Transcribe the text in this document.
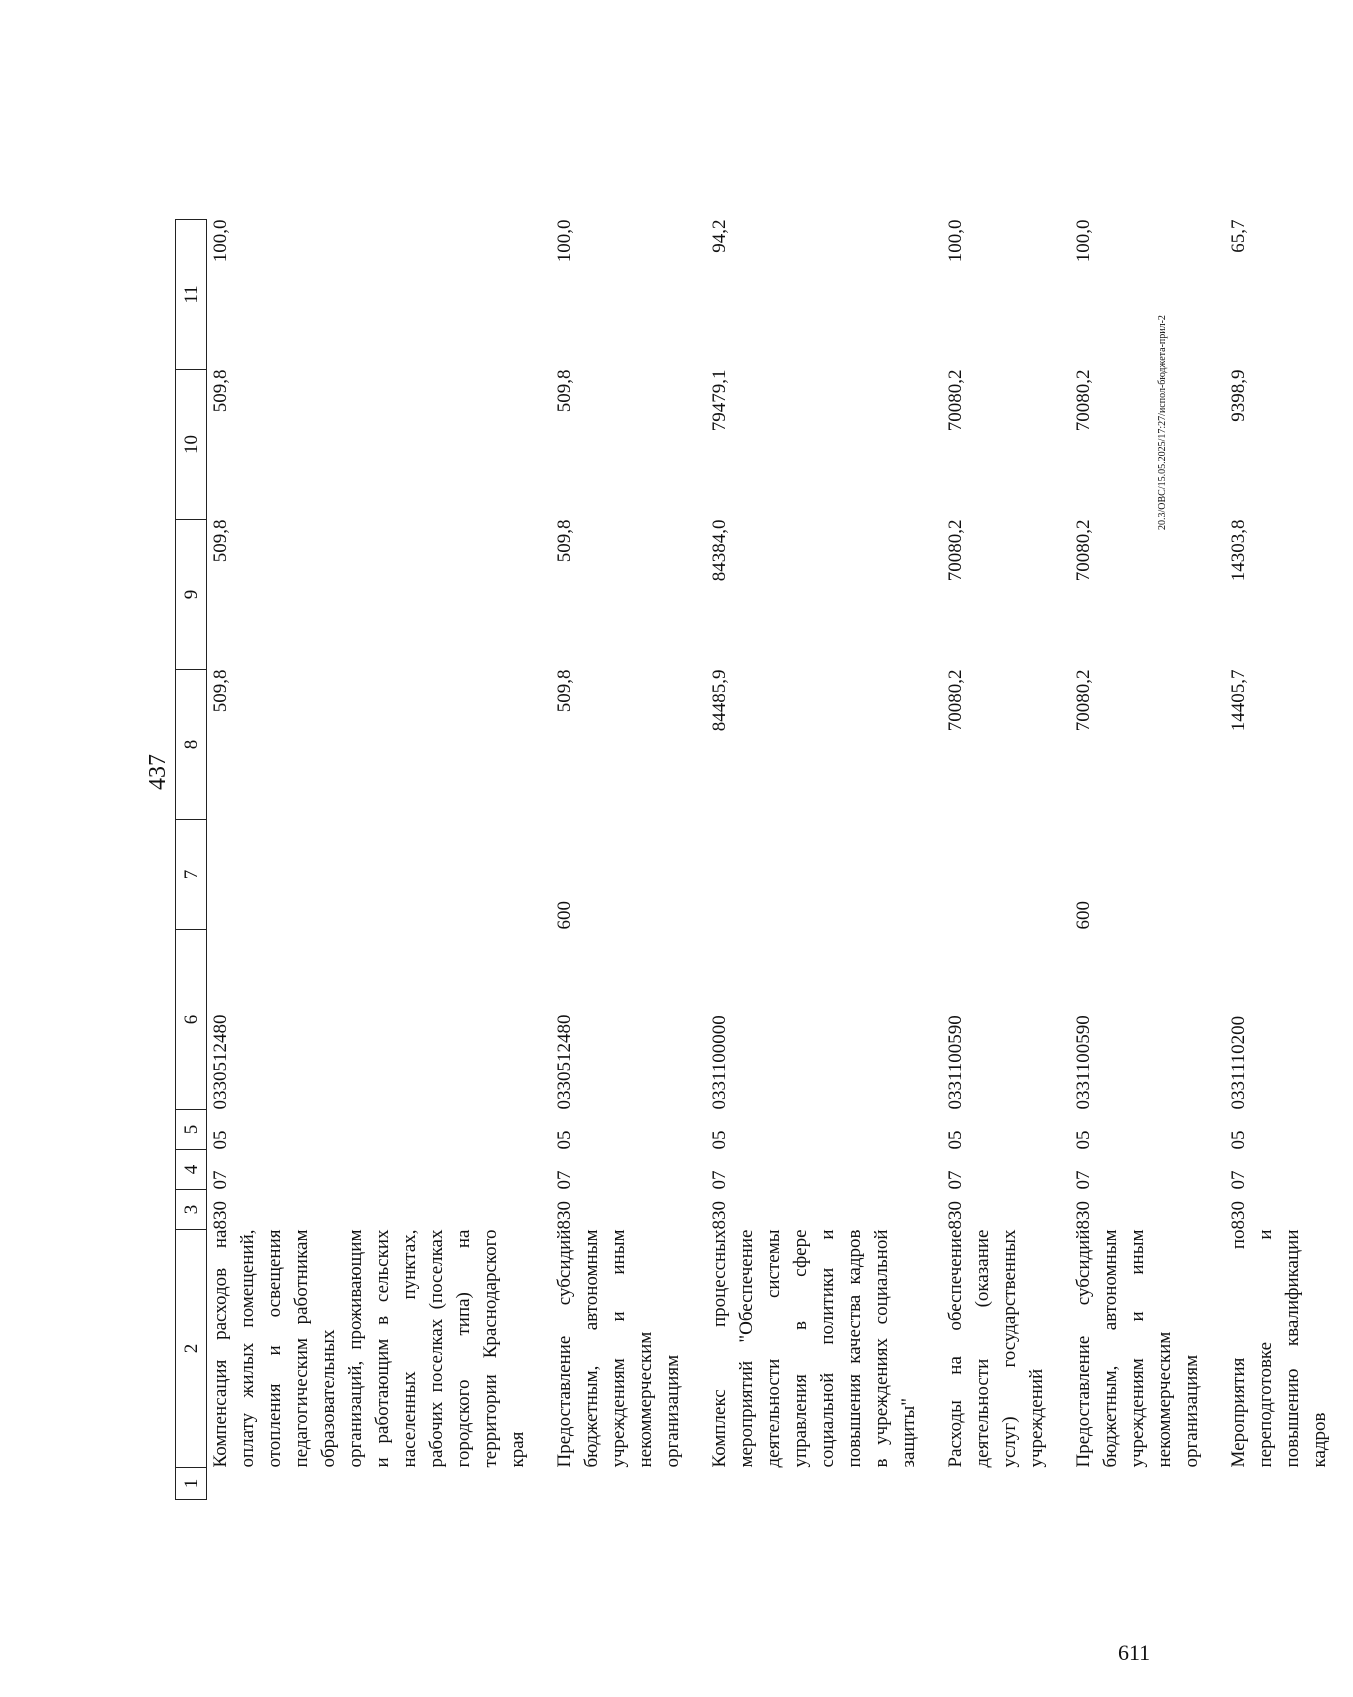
611
437
1	2	3	4	5	6	7	8	9	10	11
	Компенсация расходов на оплату жилых помещений, отопления и освещения педагогическим работникам образовательных организаций, проживающим и работающим в сельских населенных пунктах, рабочих поселках (поселках городского типа) на территории Краснодарского края	830	07	05	0330512480		509,8	509,8	509,8	100,0
	Предоставление субсидий бюджетным, автономным учреждениям и иным некоммерческим организациям	830	07	05	0330512480	600	509,8	509,8	509,8	100,0
	Комплекс процессных мероприятий "Обеспечение деятельности системы управления в сфере социальной политики и повышения качества кадров в учреждениях социальной защиты"	830	07	05	0331100000		84485,9	84384,0	79479,1	94,2
	Расходы на обеспечение деятельности (оказание услуг) государственных учреждений	830	07	05	0331100590		70080,2	70080,2	70080,2	100,0
	Предоставление субсидий бюджетным, автономным учреждениям и иным некоммерческим организациям	830	07	05	0331100590	600	70080,2	70080,2	70080,2	100,0
	Мероприятия по переподготовке и повышению квалификации кадров	830	07	05	0331110200		14405,7	14303,8	9398,9	65,7
20.3/ОВС/15.05.2025/17:27/испол-бюджета-прил-2
